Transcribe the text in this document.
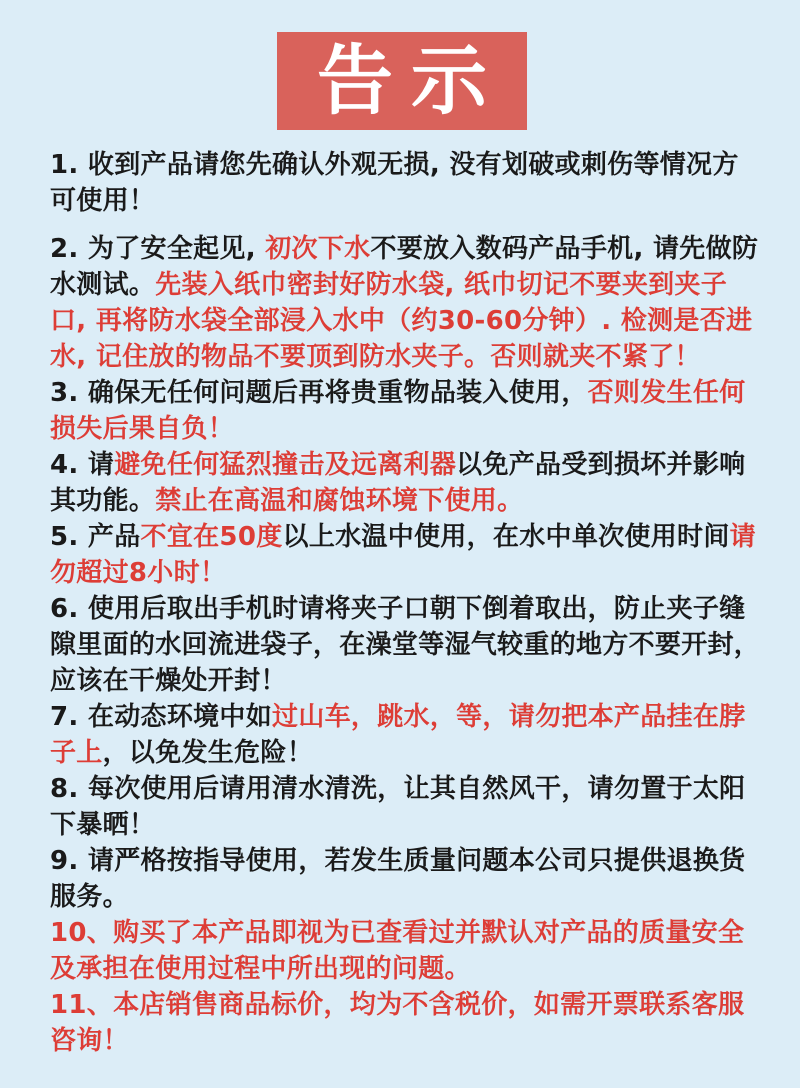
告示

1. 收到产品请您先确认外观无损, 没有划破或刺伤等情况方可使用！

2. 为了安全起见, 初次下水不要放入数码产品手机, 请先做防水测试。先装入纸巾密封好防水袋, 纸巾切记不要夹到夹子口, 再将防水袋全部浸入水中（约30-60分钟）. 检测是否进水, 记住放的物品不要顶到防水夹子。否则就夹不紧了！

3. 确保无任何问题后再将贵重物品装入使用，否则发生任何损失后果自负！

4. 请避免任何猛烈撞击及远离利器以免产品受到损坏并影响其功能。禁止在高温和腐蚀环境下使用。

5. 产品不宜在50度以上水温中使用，在水中单次使用时间请勿超过8小时！

6. 使用后取出手机时请将夹子口朝下倒着取出，防止夹子缝隙里面的水回流进袋子，在澡堂等湿气较重的地方不要开封，应该在干燥处开封！

7. 在动态环境中如过山车，跳水，等，请勿把本产品挂在脖子上，以免发生危险！

8. 每次使用后请用清水清洗，让其自然风干，请勿置于太阳下暴晒！

9. 请严格按指导使用，若发生质量问题本公司只提供退换货服务。

10、购买了本产品即视为已查看过并默认对产品的质量安全及承担在使用过程中所出现的问题。

11、本店销售商品标价，均为不含税价，如需开票联系客服咨询！
